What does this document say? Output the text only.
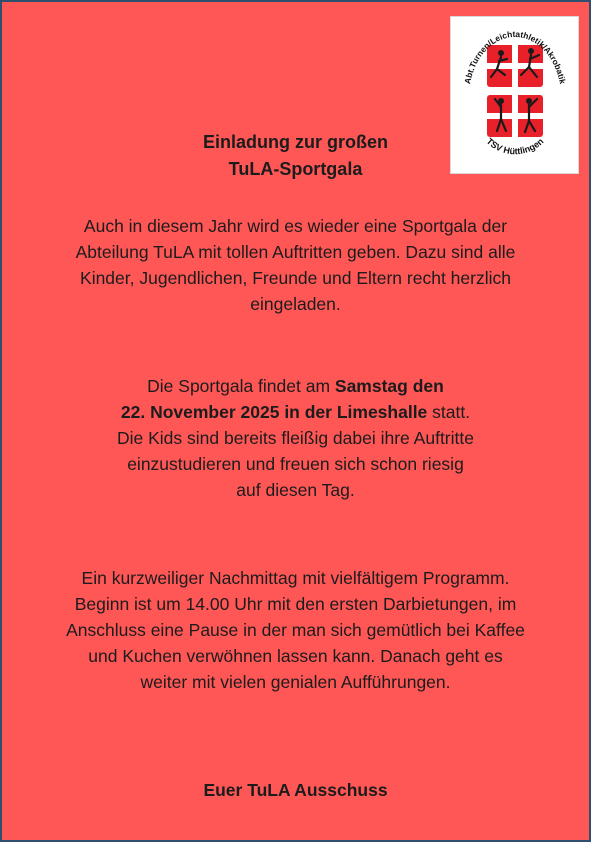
Abt.Turnen/Leichtathletik/Akrobatik
TSV Hüttlingen
Einladung zur großen
TuLA-Sportgala
Auch in diesem Jahr wird es wieder eine Sportgala der
Abteilung TuLA mit tollen Auftritten geben. Dazu sind alle
Kinder, Jugendlichen, Freunde und Eltern recht herzlich
eingeladen.
Die Sportgala findet am Samstag den
22. November 2025 in der Limeshalle statt.
Die Kids sind bereits fleißig dabei ihre Auftritte
einzustudieren und freuen sich schon riesig
auf diesen Tag.
Ein kurzweiliger Nachmittag mit vielfältigem Programm.
Beginn ist um 14.00 Uhr mit den ersten Darbietungen, im
Anschluss eine Pause in der man sich gemütlich bei Kaffee
und Kuchen verwöhnen lassen kann. Danach geht es
weiter mit vielen genialen Aufführungen.
Euer TuLA Ausschuss
